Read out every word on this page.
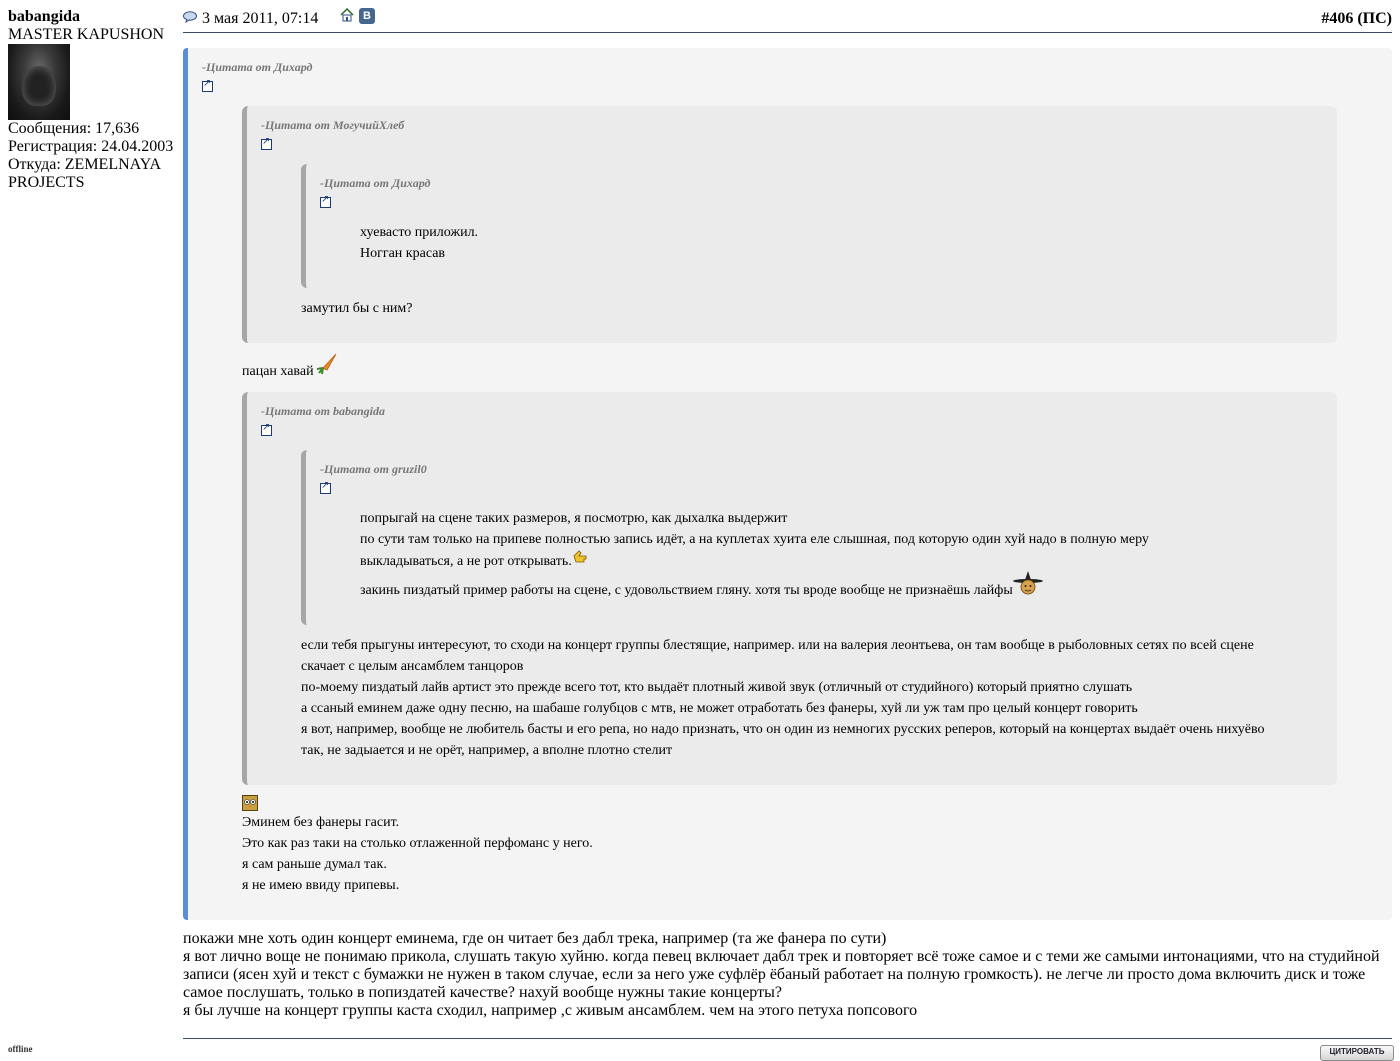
babangida
MASTER KAPUSHON
Сообщения: 17,636
Регистрация: 24.04.2003
Откуда: ZEMELNAYA PROJECTS
offline
3 мая 2011, 07:14	В	#406 (ПС)
-Цитата от Дихард
↗
-Цитата от МогучийХлеб
↗
-Цитата от Дихард
↗
хуевасто приложил.
Ногган красав
замутил бы с ним?
пацан хавай
-Цитата от babangida
↗
-Цитата от gruzil0
↗
попрыгай на сцене таких размеров, я посмотрю, как дыхалка выдержит
по сути там только на припеве полностью запись идёт, а на куплетах хуита еле слышная, под которую один хуй надо в полную меру
выкладываться, а не рот открывать.
закинь пиздатый пример работы на сцене, с удовольствием гляну. хотя ты вроде вообще не признаёшь лайфы
если тебя прыгуны интересуют, то сходи на концерт группы блестящие, например. или на валерия леонтьева, он там вообще в рыболовных сетях по всей сцене
скачает с целым ансамблем танцоров
по-моему пиздатый лайв артист это прежде всего тот, кто выдаёт плотный живой звук (отличный от студийного) который приятно слушать
а ссаный еминем даже одну песню, на шабаше голубцов с мтв, не может отработать без фанеры, хуй ли уж там про целый концерт говорить
я вот, например, вообще не любитель басты и его репа, но надо признать, что он один из немногих русских реперов, который на концертах выдаёт очень нихуёво
так, не задыается и не орёт, например, а вполне плотно стелит
Эминем без фанеры гасит.
Это как раз таки на столько отлаженной перфоманс у него.
я сам раньше думал так.
я не имею ввиду припевы.
покажи мне хоть один концерт еминема, где он читает без дабл трека, например (та же фанера по сути)
я вот лично воще не понимаю прикола, слушать такую хуйню. когда певец включает дабл трек и повторяет всё тоже самое и с теми же самыми интонациями, что на студийной записи (ясен хуй и текст с бумажки не нужен в таком случае, если за него уже суфлёр ёбаный работает на полную громкость). не легче ли просто дома включить диск и тоже самое послушать, только в попиздатей качестве? нахуй вообще нужны такие концерты?
я бы лучше на концерт группы каста сходил, например ,с живым ансамблем. чем на этого петуха попсового
ЦИТИРОВАТЬ
